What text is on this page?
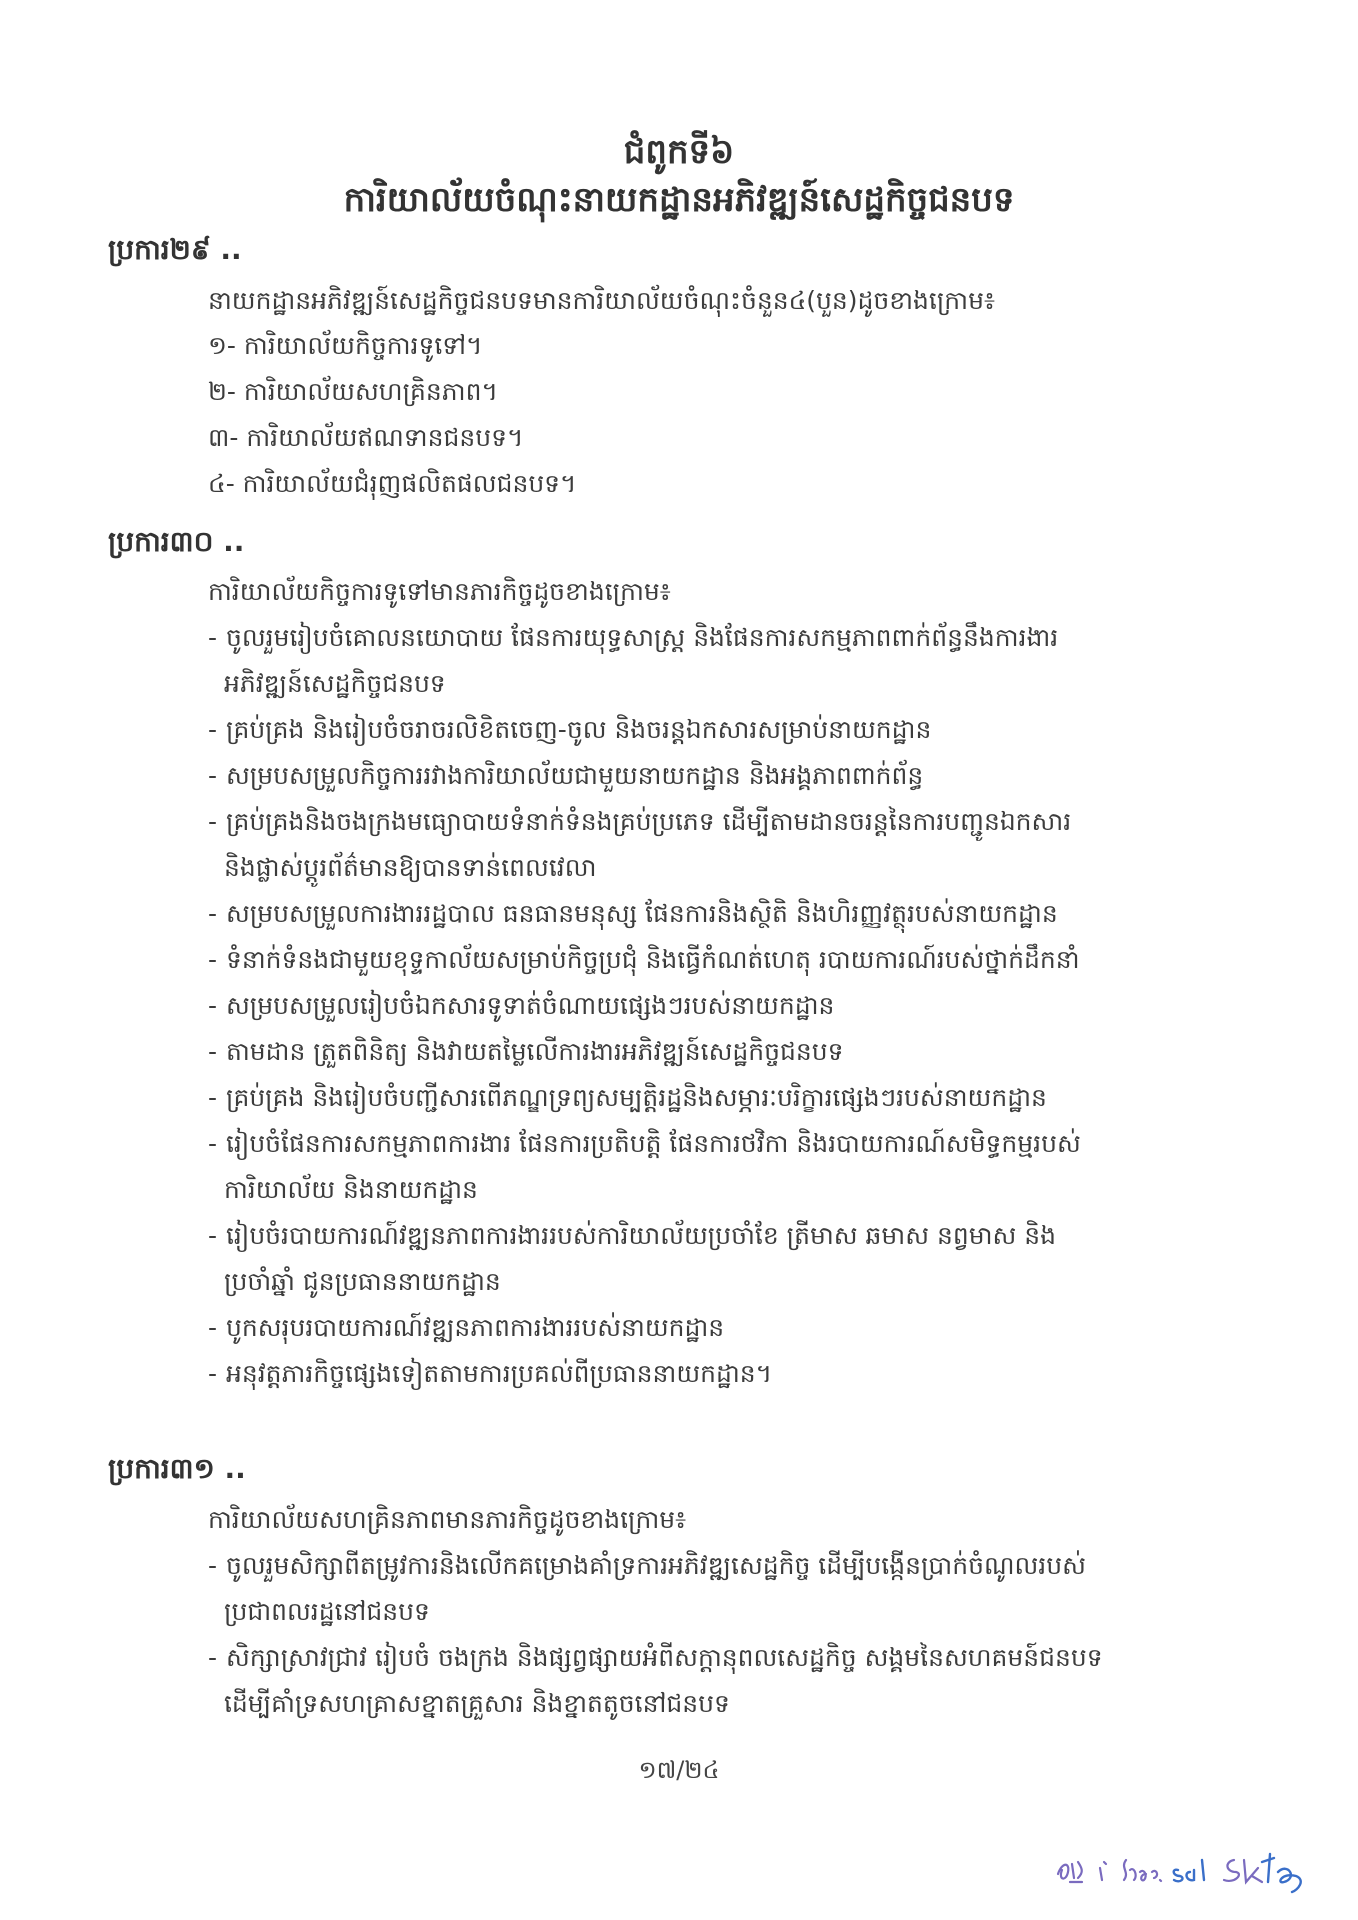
ជំពូកទី៦
ការិយាល័យចំណុះនាយកដ្ឋានអភិវឌ្ឍន៍សេដ្ឋកិច្ចជនបទ
ប្រការ២៩ ..
នាយកដ្ឋានអភិវឌ្ឍន៍សេដ្ឋកិច្ចជនបទមានការិយាល័យចំណុះចំនួន៤(បួន)ដូចខាងក្រោម៖
១- ការិយាល័យកិច្ចការទូទៅ។
២- ការិយាល័យសហគ្រិនភាព។
៣- ការិយាល័យឥណទានជនបទ។
៤- ការិយាល័យជំរុញផលិតផលជនបទ។
ប្រការ៣០ ..
ការិយាល័យកិច្ចការទូទៅមានភារកិច្ចដូចខាងក្រោម៖
- ចូលរួមរៀបចំគោលនយោបាយ ផែនការយុទ្ធសាស្ត្រ និងផែនការសកម្មភាពពាក់ព័ន្ធនឹងការងារ
អភិវឌ្ឍន៍សេដ្ឋកិច្ចជនបទ
- គ្រប់គ្រង និងរៀបចំចរាចរលិខិតចេញ-ចូល និងចរន្តឯកសារសម្រាប់នាយកដ្ឋាន
- សម្របសម្រួលកិច្ចការរវាងការិយាល័យជាមួយនាយកដ្ឋាន និងអង្គភាពពាក់ព័ន្ធ
- គ្រប់គ្រងនិងចងក្រងមធ្យោបាយទំនាក់ទំនងគ្រប់ប្រភេទ ដើម្បីតាមដានចរន្តនៃការបញ្ជូនឯកសារ
និងផ្លាស់ប្តូរព័ត៌មានឱ្យបានទាន់ពេលវេលា
- សម្របសម្រួលការងាររដ្ឋបាល ធនធានមនុស្ស ផែនការនិងស្ថិតិ និងហិរញ្ញវត្ថុរបស់នាយកដ្ឋាន
- ទំនាក់ទំនងជាមួយខុទ្ទកាល័យសម្រាប់កិច្ចប្រជុំ និងធ្វើកំណត់ហេតុ របាយការណ៍របស់ថ្នាក់ដឹកនាំ
- សម្របសម្រួលរៀបចំឯកសារទូទាត់ចំណាយផ្សេងៗរបស់នាយកដ្ឋាន
- តាមដាន ត្រួតពិនិត្យ និងវាយតម្លៃលើការងារអភិវឌ្ឍន៍សេដ្ឋកិច្ចជនបទ
- គ្រប់គ្រង និងរៀបចំបញ្ជីសារពើភណ្ឌទ្រព្យសម្បត្តិរដ្ឋនិងសម្ភារៈបរិក្ខារផ្សេងៗរបស់នាយកដ្ឋាន
- រៀបចំផែនការសកម្មភាពការងារ ផែនការប្រតិបត្តិ ផែនការថវិកា និងរបាយការណ៍សមិទ្ធកម្មរបស់
ការិយាល័យ និងនាយកដ្ឋាន
- រៀបចំរបាយការណ៍វឌ្ឍនភាពការងាររបស់ការិយាល័យប្រចាំខែ ត្រីមាស ឆមាស នព្វមាស និង
ប្រចាំឆ្នាំ ជូនប្រធាននាយកដ្ឋាន
- បូកសរុបរបាយការណ៍វឌ្ឍនភាពការងាររបស់នាយកដ្ឋាន
- អនុវត្តភារកិច្ចផ្សេងទៀតតាមការប្រគល់ពីប្រធាននាយកដ្ឋាន។
ប្រការ៣១ ..
ការិយាល័យសហគ្រិនភាពមានភារកិច្ចដូចខាងក្រោម៖
- ចូលរួមសិក្សាពីតម្រូវការនិងលើកគម្រោងគាំទ្រការអភិវឌ្ឍសេដ្ឋកិច្ច ដើម្បីបង្កើនប្រាក់ចំណូលរបស់
ប្រជាពលរដ្ឋនៅជនបទ
- សិក្សាស្រាវជ្រាវ រៀបចំ ចងក្រង និងផ្សព្វផ្សាយអំពីសក្តានុពលសេដ្ឋកិច្ច សង្គមនៃសហគមន៍ជនបទ
ដើម្បីគាំទ្រសហគ្រាសខ្នាតគ្រួសារ និងខ្នាតតូចនៅជនបទ
១៧/២៤
